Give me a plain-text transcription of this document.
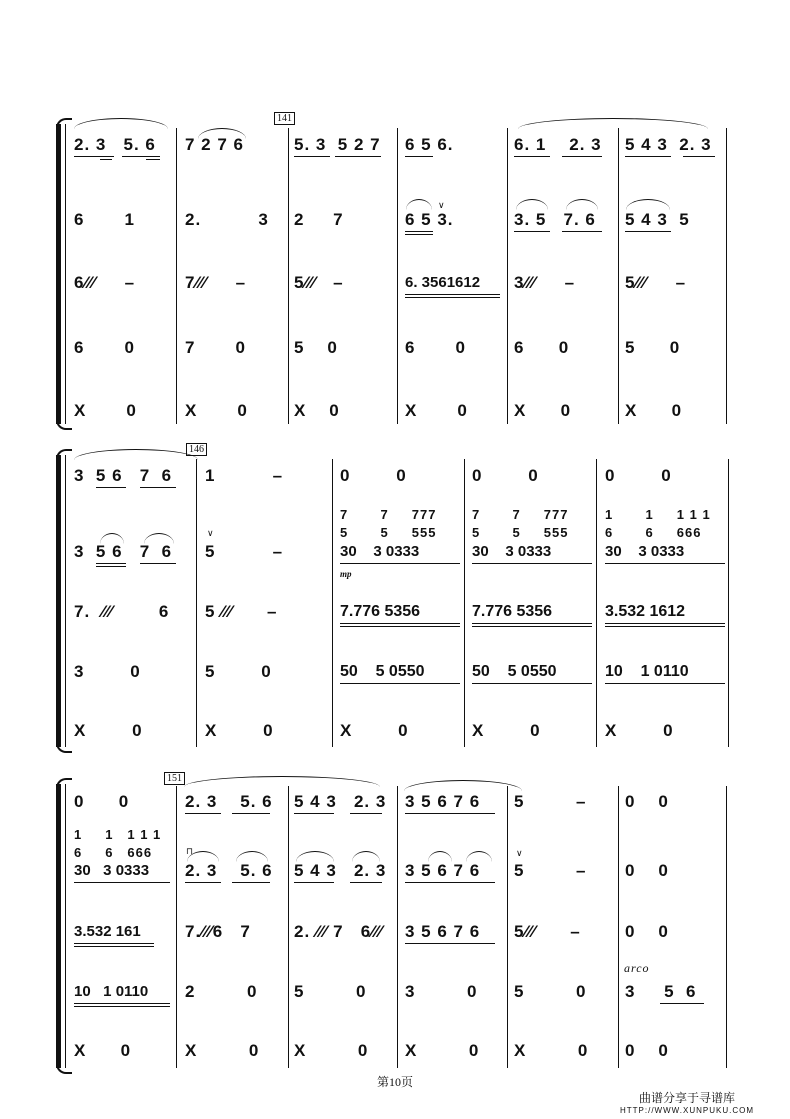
141
2. 3   5. 6
6       1
6⁄⁄⁄     –
6       0
X       0
7 2 7 6
2.          3
7⁄⁄⁄     –
7       0
X       0
5. 3  5 2 7
2     7
5⁄⁄⁄   –
5    0
X    0
6 5 6.
6 5 3.
6. 3561612
6       0
X       0
6. 1    2. 3
3. 5   7. 6
3⁄⁄⁄     –
6      0
X      0
5 4 3  2. 3
5 4 3  5
5⁄⁄⁄     –
5      0
X      0
∨
146
3  5 6   7  6
3  5 6   7  6
7.  ⁄⁄⁄        6
3        0
X        0
1          –
5          –
5 ⁄⁄⁄      –
5        0
X        0
7       7     777
5       5     555
0        0
30    3 0333
mp
7.776 5356
50    5 0550
X        0
7       7     777
5       5     555
0        0
30    3 0333
7.776 5356
50    5 0550
X        0
1       1     1 1 1
6       6     666
0        0
30    3 0333
3.532 1612
10    1 0110
X        0
∨
151
1     1   1 1 1
6     6   666
0      0
30   3 0333
3.532 161
10   1 0110
X      0
2. 3    5. 6
2. 3    5. 6
7.⁄⁄⁄6   7
2         0
X         0
5 4 3   2. 3
5 4 3   2. 3
2. ⁄⁄⁄ 7   6⁄⁄⁄
5         0
X         0
3 5 6 7 6
3 5 6 7 6
3 5 6 7 6
3         0
X         0
5         –
5         –
5⁄⁄⁄      –
5         0
X         0
0    0
0    0
0    0
arco
3     5  6
0    0
⊓	∨
第10页
曲谱分享于寻谱库
HTTP://WWW.XUNPUKU.COM
